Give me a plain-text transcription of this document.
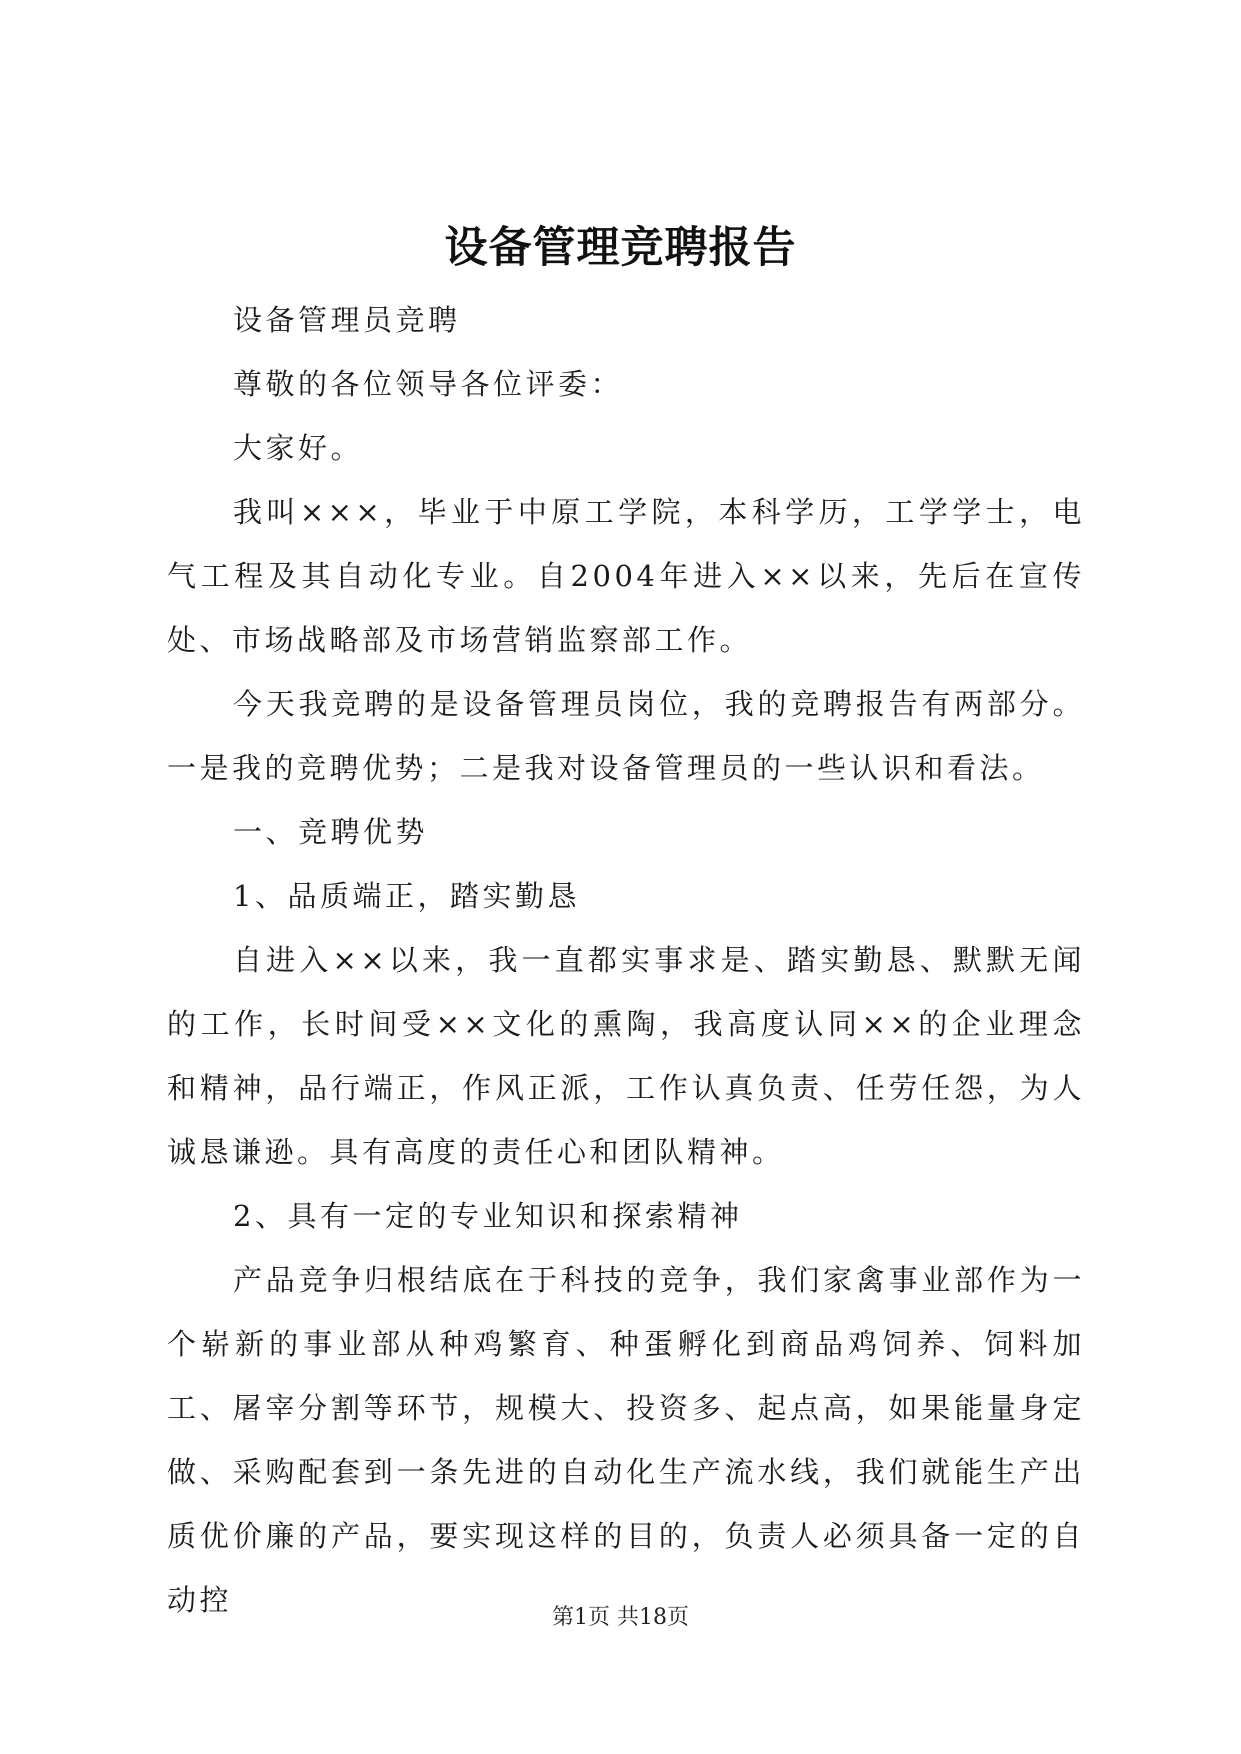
设备管理竞聘报告

设备管理员竞聘

尊敬的各位领导各位评委：

大家好。

我叫×××，毕业于中原工学院，本科学历，工学学士，电气工程及其自动化专业。自2004年进入××以来，先后在宣传处、市场战略部及市场营销监察部工作。

今天我竞聘的是设备管理员岗位，我的竞聘报告有两部分。一是我的竞聘优势；二是我对设备管理员的一些认识和看法。

一、竞聘优势

1、品质端正，踏实勤恳

自进入××以来，我一直都实事求是、踏实勤恳、默默无闻的工作，长时间受××文化的熏陶，我高度认同××的企业理念和精神，品行端正，作风正派，工作认真负责、任劳任怨，为人诚恳谦逊。具有高度的责任心和团队精神。

2、具有一定的专业知识和探索精神

产品竞争归根结底在于科技的竞争，我们家禽事业部作为一个崭新的事业部从种鸡繁育、种蛋孵化到商品鸡饲养、饲料加工、屠宰分割等环节，规模大、投资多、起点高，如果能量身定做、采购配套到一条先进的自动化生产流水线，我们就能生产出质优价廉的产品，要实现这样的目的，负责人必须具备一定的自动控

第1页 共18页
